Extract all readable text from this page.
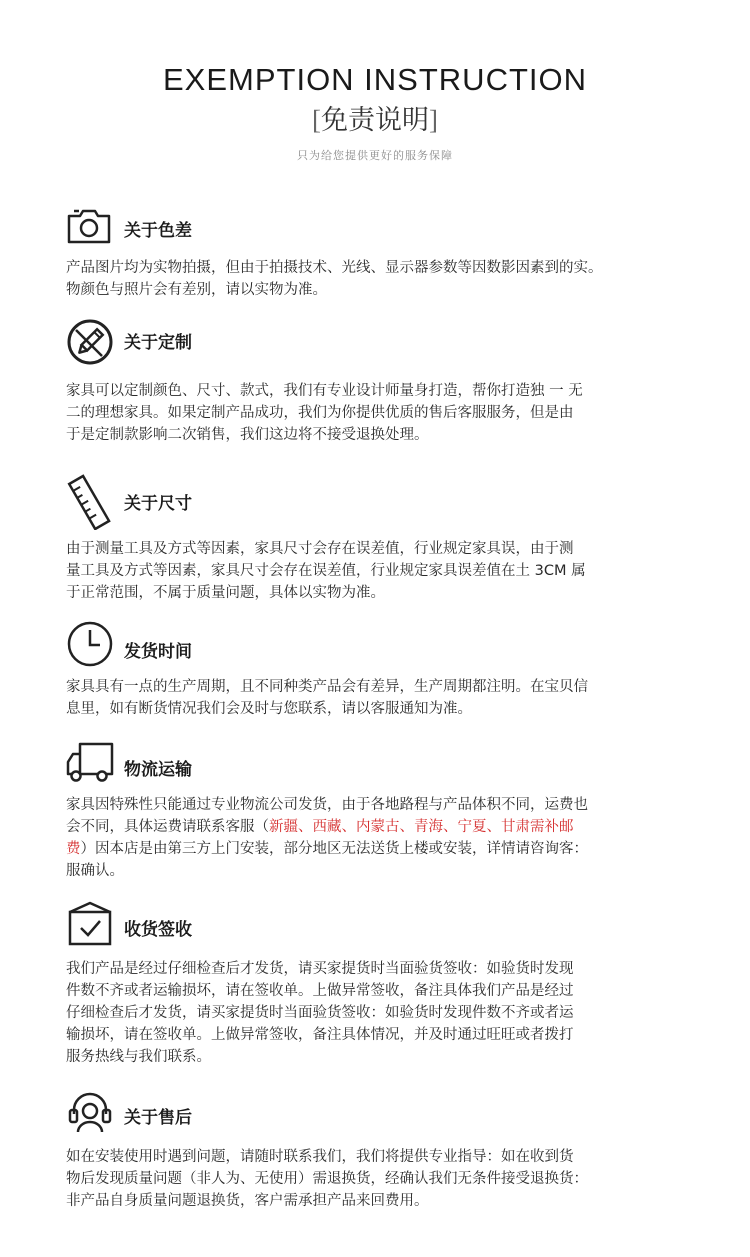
EXEMPTION INSTRUCTION
[免责说明]
只为给您提供更好的服务保障
关于色差
产品图片均为实物拍摄，但由于拍摄技术、光线、显示器参数等因数影因素到的实。
物颜色与照片会有差别，请以实物为准。
关于定制
家具可以定制颜色、尺寸、款式，我们有专业设计师量身打造，帮你打造独 一 无
二的理想家具。如果定制产品成功，我们为你提供优质的售后客服服务，但是由
于是定制款影响二次销售，我们这边将不接受退换处理。
关于尺寸
由于测量工具及方式等因素，家具尺寸会存在误差值，行业规定家具误，由于测
量工具及方式等因素，家具尺寸会存在误差值，行业规定家具误差值在土 3CM 属
于正常范围，不属于质量问题，具体以实物为准。
发货时间
家具具有一点的生产周期，且不同种类产品会有差异，生产周期都注明。在宝贝信
息里，如有断货情况我们会及时与您联系，请以客服通知为准。
物流运输
家具因特殊性只能通过专业物流公司发货，由于各地路程与产品体积不同，运费也
会不同，具体运费请联系客服（新疆、西藏、内蒙古、青海、宁夏、甘肃需补邮
费）因本店是由第三方上门安装，部分地区无法送货上楼或安装，详情请咨询客：
服确认。
收货签收
我们产品是经过仔细检查后才发货，请买家提货时当面验货签收：如验货时发现
件数不齐或者运输损坏，请在签收单。上做异常签收，备注具体我们产品是经过
仔细检查后才发货，请买家提货时当面验货签收：如验货时发现件数不齐或者运
输损坏，请在签收单。上做异常签收，备注具体情况，并及时通过旺旺或者拨打
服务热线与我们联系。
关于售后
如在安装使用时遇到问题，请随时联系我们，我们将提供专业指导：如在收到货
物后发现质量问题（非人为、无使用）需退换货，经确认我们无条件接受退换货：
非产品自身质量问题退换货，客户需承担产品来回费用。
